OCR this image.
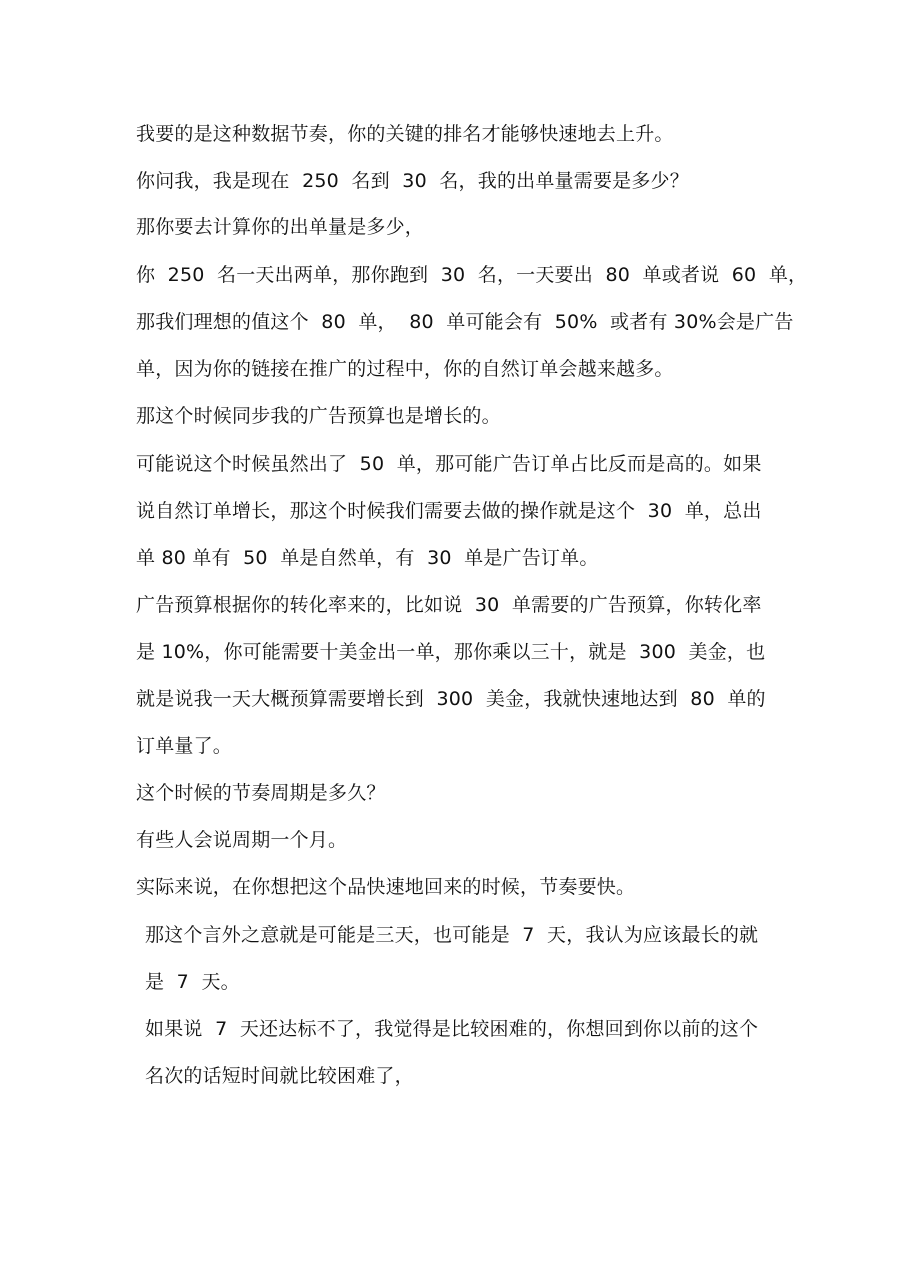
我要的是这种数据节奏，你的关键的排名才能够快速地去上升。
你问我，我是现在  250  名到  30  名，我的出单量需要是多少？
那你要去计算你的出单量是多少，
你  250  名一天出两单，那你跑到  30  名，一天要出  80  单或者说  60  单，
那我们理想的值这个  80  单，  80  单可能会有  50%  或者有 30%会是广告
单，因为你的链接在推广的过程中，你的自然订单会越来越多。
那这个时候同步我的广告预算也是增长的。
可能说这个时候虽然出了  50  单，那可能广告订单占比反而是高的。如果
说自然订单增长，那这个时候我们需要去做的操作就是这个  30  单，总出
单 80 单有  50  单是自然单，有  30  单是广告订单。
广告预算根据你的转化率来的，比如说  30  单需要的广告预算，你转化率
是 10%，你可能需要十美金出一单，那你乘以三十，就是  300  美金，也
就是说我一天大概预算需要增长到  300  美金，我就快速地达到  80  单的
订单量了。
这个时候的节奏周期是多久？
有些人会说周期一个月。
实际来说，在你想把这个品快速地回来的时候，节奏要快。
那这个言外之意就是可能是三天，也可能是  7  天，我认为应该最长的就
是  7  天。
如果说  7  天还达标不了，我觉得是比较困难的，你想回到你以前的这个
名次的话短时间就比较困难了，
